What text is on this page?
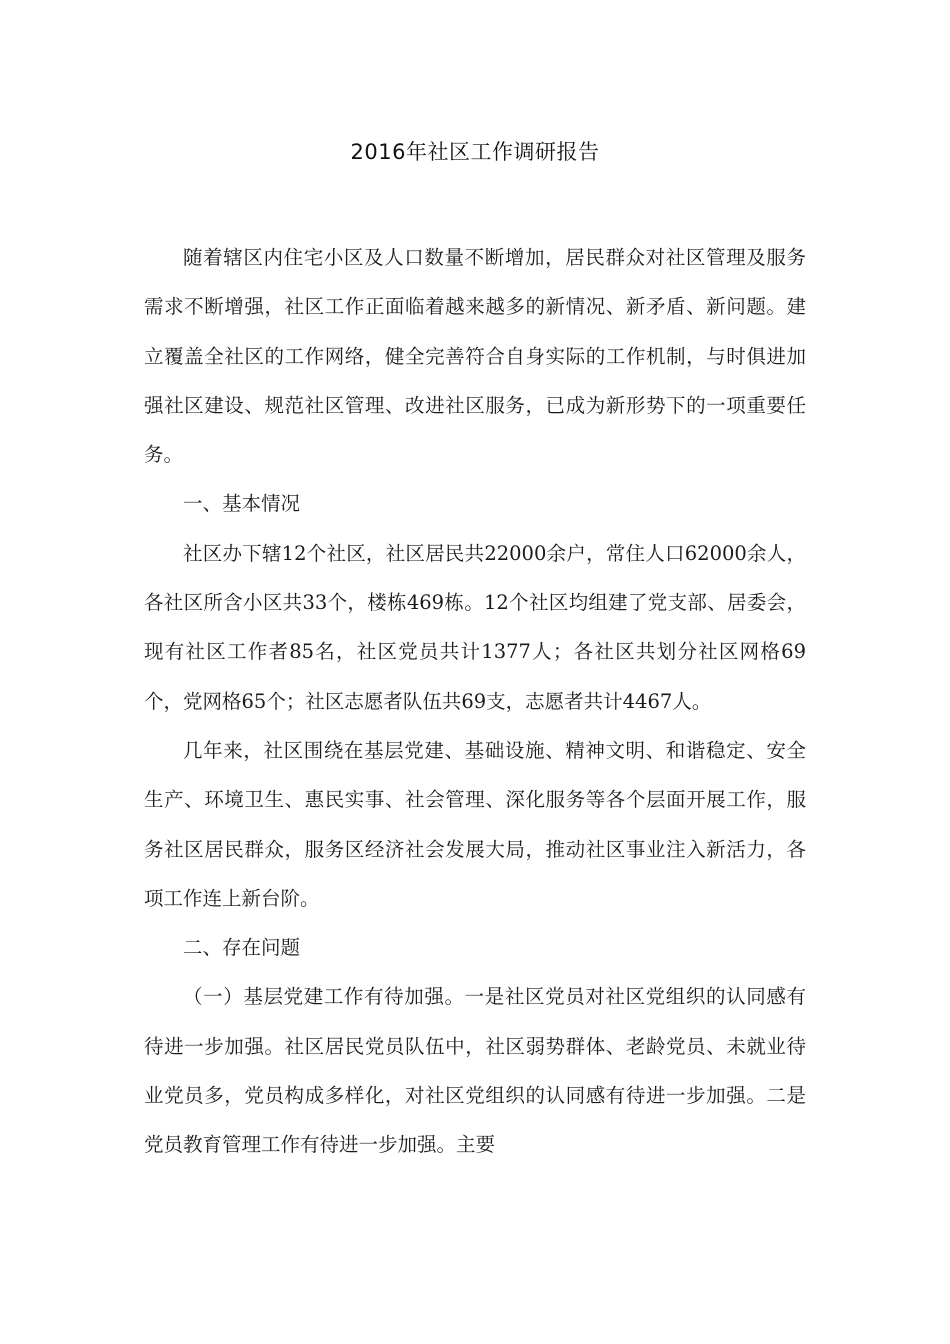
2016年社区工作调研报告

随着辖区内住宅小区及人口数量不断增加，居民群众对社区管理及服务需求不断增强，社区工作正面临着越来越多的新情况、新矛盾、新问题。建立覆盖全社区的工作网络，健全完善符合自身实际的工作机制，与时俱进加强社区建设、规范社区管理、改进社区服务，已成为新形势下的一项重要任务。

一、基本情况

社区办下辖12个社区，社区居民共22000余户，常住人口62000余人，各社区所含小区共33个，楼栋469栋。12个社区均组建了党支部、居委会，现有社区工作者85名，社区党员共计1377人；各社区共划分社区网格69个，党网格65个；社区志愿者队伍共69支，志愿者共计4467人。

几年来，社区围绕在基层党建、基础设施、精神文明、和谐稳定、安全生产、环境卫生、惠民实事、社会管理、深化服务等各个层面开展工作，服务社区居民群众，服务区经济社会发展大局，推动社区事业注入新活力，各项工作连上新台阶。

二、存在问题

（一）基层党建工作有待加强。一是社区党员对社区党组织的认同感有待进一步加强。社区居民党员队伍中，社区弱势群体、老龄党员、未就业待业党员多，党员构成多样化，对社区党组织的认同感有待进一步加强。二是党员教育管理工作有待进一步加强。主要
